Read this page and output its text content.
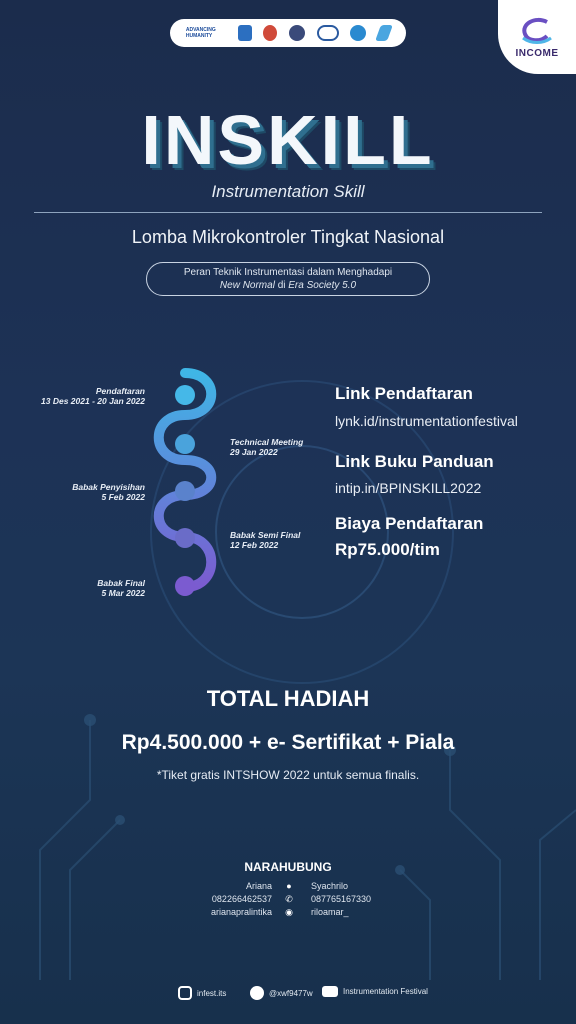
ADVANCING HUMANITY
INCOME
INSKILL
Instrumentation Skill
Lomba Mikrokontroler Tingkat Nasional
Peran Teknik Instrumentasi dalam Menghadapi
New Normal di Era Society 5.0
Pendaftaran
13 Des 2021 - 20 Jan 2022
Technical Meeting
29 Jan 2022
Babak Penyisihan
5 Feb 2022
Babak Semi Final
12 Feb 2022
Babak Final
5 Mar 2022
Link Pendaftaran
lynk.id/instrumentationfestival
Link Buku Panduan
intip.in/BPINSKILL2022
Biaya Pendaftaran
Rp75.000/tim
TOTAL HADIAH
Rp4.500.000 + e- Sertifikat + Piala
*Tiket gratis INTSHOW 2022 untuk semua finalis.
NARAHUBUNG
Ariana
082266462537
arianapralintika
●
✆
◉
Syachrilo
087765167330
riloamar_
infest.its	@xwf9477w	Instrumentation Festival
